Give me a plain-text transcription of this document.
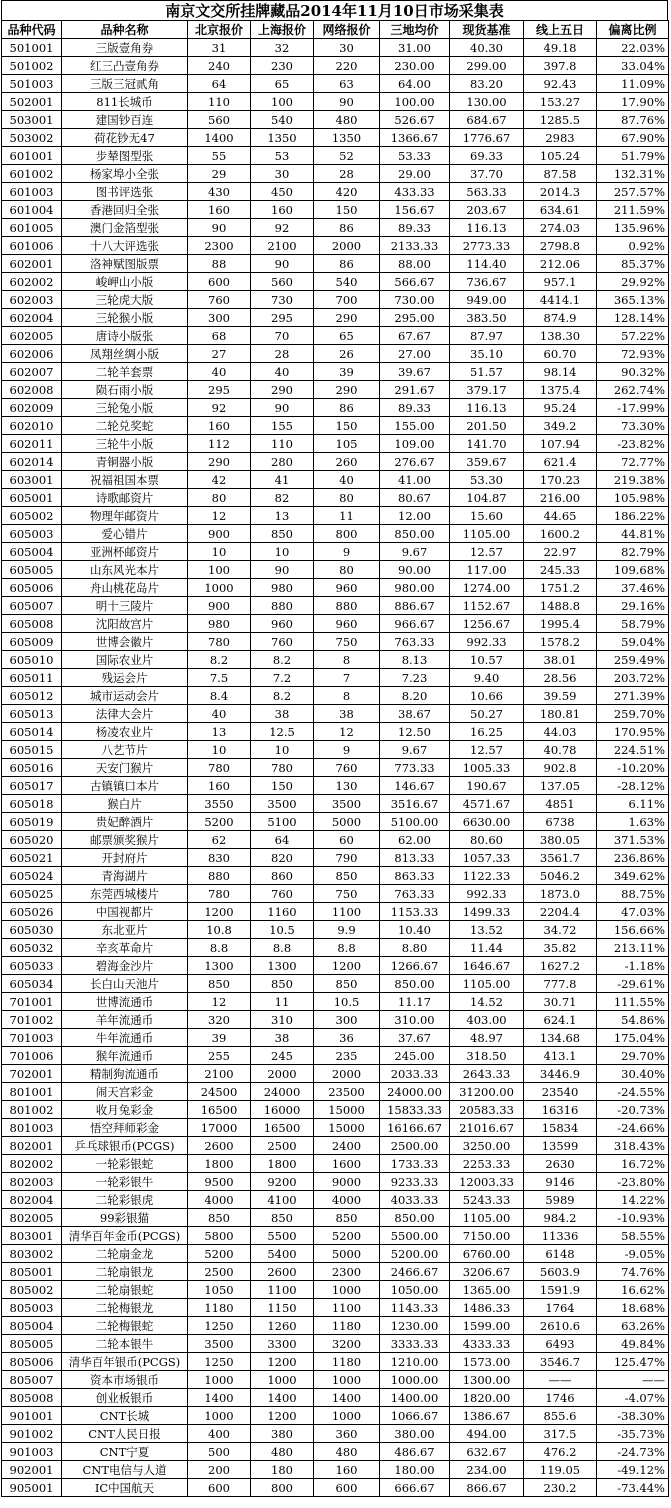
南京文交所挂牌藏品2014年11月10日市场采集表
品种代码	品种名称	北京报价	上海报价	网络报价	三地均价	现货基准	线上五日	偏离比例
501001	三版壹角券	31	32	30	31.00	40.30	49.18	22.03%
501002	红三凸壹角券	240	230	220	230.00	299.00	397.8	33.04%
501003	三版三冠贰角	64	65	63	64.00	83.20	92.43	11.09%
502001	811长城币	110	100	90	100.00	130.00	153.27	17.90%
503001	建国钞百连	560	540	480	526.67	684.67	1285.5	87.76%
503002	荷花钞无47	1400	1350	1350	1366.67	1776.67	2983	67.90%
601001	步辇图型张	55	53	52	53.33	69.33	105.24	51.79%
601002	杨家埠小全张	29	30	28	29.00	37.70	87.58	132.31%
601003	图书评选张	430	450	420	433.33	563.33	2014.3	257.57%
601004	香港回归全张	160	160	150	156.67	203.67	634.61	211.59%
601005	澳门金箔型张	90	92	86	89.33	116.13	274.03	135.96%
601006	十八大评选张	2300	2100	2000	2133.33	2773.33	2798.8	0.92%
602001	洛神赋图版票	88	90	86	88.00	114.40	212.06	85.37%
602002	峻岬山小版	600	560	540	566.67	736.67	957.1	29.92%
602003	三轮虎大版	760	730	700	730.00	949.00	4414.1	365.13%
602004	三轮猴小版	300	295	290	295.00	383.50	874.9	128.14%
602005	唐诗小版张	68	70	65	67.67	87.97	138.30	57.22%
602006	凤翔丝绸小版	27	28	26	27.00	35.10	60.70	72.93%
602007	二轮羊套票	40	40	39	39.67	51.57	98.14	90.32%
602008	陨石雨小版	295	290	290	291.67	379.17	1375.4	262.74%
602009	三轮兔小版	92	90	86	89.33	116.13	95.24	-17.99%
602010	二轮兑奖蛇	160	155	150	155.00	201.50	349.2	73.30%
602011	三轮牛小版	112	110	105	109.00	141.70	107.94	-23.82%
602014	青铜器小版	290	280	260	276.67	359.67	621.4	72.77%
603001	祝福祖国本票	42	41	40	41.00	53.30	170.23	219.38%
605001	诗歌邮资片	80	82	80	80.67	104.87	216.00	105.98%
605002	物理年邮资片	12	13	11	12.00	15.60	44.65	186.22%
605003	爱心错片	900	850	800	850.00	1105.00	1600.2	44.81%
605004	亚洲杯邮资片	10	10	9	9.67	12.57	22.97	82.79%
605005	山东风光本片	100	90	80	90.00	117.00	245.33	109.68%
605006	舟山桃花岛片	1000	980	960	980.00	1274.00	1751.2	37.46%
605007	明十三陵片	900	880	880	886.67	1152.67	1488.8	29.16%
605008	沈阳故宫片	980	960	960	966.67	1256.67	1995.4	58.79%
605009	世博会徽片	780	760	750	763.33	992.33	1578.2	59.04%
605010	国际农业片	8.2	8.2	8	8.13	10.57	38.01	259.49%
605011	残运会片	7.5	7.2	7	7.23	9.40	28.56	203.72%
605012	城市运动会片	8.4	8.2	8	8.20	10.66	39.59	271.39%
605013	法律大会片	40	38	38	38.67	50.27	180.81	259.70%
605014	杨凌农业片	13	12.5	12	12.50	16.25	44.03	170.95%
605015	八艺节片	10	10	9	9.67	12.57	40.78	224.51%
605016	天安门猴片	780	780	760	773.33	1005.33	902.8	-10.20%
605017	古镇镇口本片	160	150	130	146.67	190.67	137.05	-28.12%
605018	猴白片	3550	3500	3500	3516.67	4571.67	4851	6.11%
605019	贵妃醉酒片	5200	5100	5000	5100.00	6630.00	6738	1.63%
605020	邮票颁奖猴片	62	64	60	62.00	80.60	380.05	371.53%
605021	开封府片	830	820	790	813.33	1057.33	3561.7	236.86%
605024	青海湖片	880	860	850	863.33	1122.33	5046.2	349.62%
605025	东莞西城楼片	780	760	750	763.33	992.33	1873.0	88.75%
605026	中国视都片	1200	1160	1100	1153.33	1499.33	2204.4	47.03%
605030	东北亚片	10.8	10.5	9.9	10.40	13.52	34.72	156.66%
605032	辛亥革命片	8.8	8.8	8.8	8.80	11.44	35.82	213.11%
605033	碧海金沙片	1300	1300	1200	1266.67	1646.67	1627.2	-1.18%
605034	长白山天池片	850	850	850	850.00	1105.00	777.8	-29.61%
701001	世博流通币	12	11	10.5	11.17	14.52	30.71	111.55%
701002	羊年流通币	320	310	300	310.00	403.00	624.1	54.86%
701003	牛年流通币	39	38	36	37.67	48.97	134.68	175.04%
701006	猴年流通币	255	245	235	245.00	318.50	413.1	29.70%
702001	精制狗流通币	2100	2000	2000	2033.33	2643.33	3446.9	30.40%
801001	闹天宫彩金	24500	24000	23500	24000.00	31200.00	23540	-24.55%
801002	收月兔彩金	16500	16000	15000	15833.33	20583.33	16316	-20.73%
801003	悟空拜师彩金	17000	16500	15000	16166.67	21016.67	15834	-24.66%
802001	乒乓球银币(PCGS)	2600	2500	2400	2500.00	3250.00	13599	318.43%
802002	一轮彩银蛇	1800	1800	1600	1733.33	2253.33	2630	16.72%
802003	一轮彩银牛	9500	9200	9000	9233.33	12003.33	9146	-23.80%
802004	二轮彩银虎	4000	4100	4000	4033.33	5243.33	5989	14.22%
802005	99彩银猫	850	850	850	850.00	1105.00	984.2	-10.93%
803001	清华百年金币(PCGS)	5800	5500	5200	5500.00	7150.00	11336	58.55%
803002	二轮扇金龙	5200	5400	5000	5200.00	6760.00	6148	-9.05%
805001	二轮扇银龙	2500	2600	2300	2466.67	3206.67	5603.9	74.76%
805002	二轮扇银蛇	1050	1100	1000	1050.00	1365.00	1591.9	16.62%
805003	二轮梅银龙	1180	1150	1100	1143.33	1486.33	1764	18.68%
805004	二轮梅银蛇	1250	1260	1180	1230.00	1599.00	2610.6	63.26%
805005	二轮本银牛	3500	3300	3200	3333.33	4333.33	6493	49.84%
805006	清华百年银币(PCGS)	1250	1200	1180	1210.00	1573.00	3546.7	125.47%
805007	资本市场银币	1000	1000	1000	1000.00	1300.00	——	——
805008	创业板银币	1400	1400	1400	1400.00	1820.00	1746	-4.07%
901001	CNT长城	1000	1200	1000	1066.67	1386.67	855.6	-38.30%
901002	CNT人民日报	400	380	360	380.00	494.00	317.5	-35.73%
901003	CNT宁夏	500	480	480	486.67	632.67	476.2	-24.73%
902001	CNT电信与人道	200	180	160	180.00	234.00	119.05	-49.12%
905001	IC中国航天	600	800	600	666.67	866.67	230.2	-73.44%
